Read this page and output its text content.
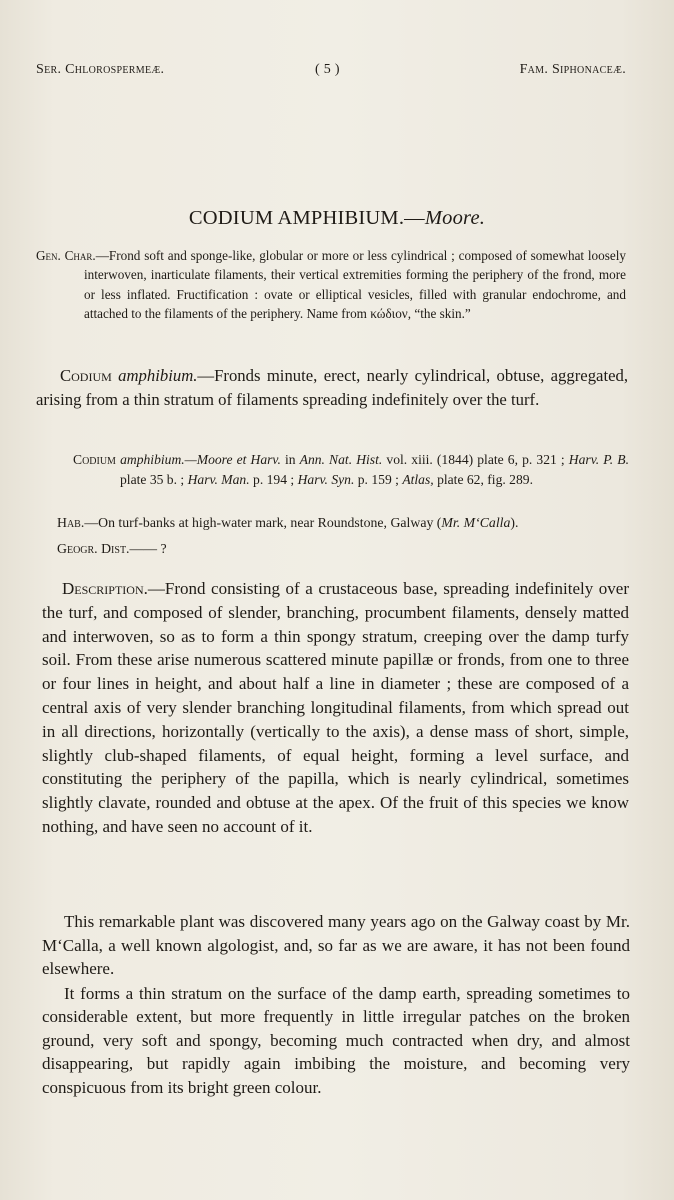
Ser. Chlorospermeæ.	( 5 )	Fam. Siphonaceæ.
CODIUM AMPHIBIUM.—Moore.

Gen. Char.—Frond soft and sponge-like, globular or more or less cylindrical ; composed of somewhat loosely interwoven, inarticulate filaments, their vertical extremities forming the periphery of the frond, more or less inflated. Fructification : ovate or elliptical vesicles, filled with granular endochrome, and attached to the filaments of the periphery. Name from κώδιον, “the skin.”

Codium amphibium.—Fronds minute, erect, nearly cylindrical, obtuse, aggregated, arising from a thin stratum of filaments spreading indefinitely over the turf.

Codium amphibium.—Moore et Harv. in Ann. Nat. Hist. vol. xiii. (1844) plate 6, p. 321 ; Harv. P. B. plate 35 b. ; Harv. Man. p. 194 ; Harv. Syn. p. 159 ; Atlas, plate 62, fig. 289.

Hab.—On turf-banks at high-water mark, near Roundstone, Galway (Mr. M‘Calla).
Geogr. Dist.—— ?

Description.—Frond consisting of a crustaceous base, spreading indefinitely over the turf, and composed of slender, branching, procumbent filaments, densely matted and interwoven, so as to form a thin spongy stratum, creeping over the damp turfy soil. From these arise numerous scattered minute papillæ or fronds, from one to three or four lines in height, and about half a line in diameter ; these are composed of a central axis of very slender branching longitudinal filaments, from which spread out in all directions, horizontally (vertically to the axis), a dense mass of short, simple, slightly club-shaped filaments, of equal height, forming a level surface, and constituting the periphery of the papilla, which is nearly cylindrical, sometimes slightly clavate, rounded and obtuse at the apex. Of the fruit of this species we know nothing, and have seen no account of it.

This remarkable plant was discovered many years ago on the Galway coast by Mr. M‘Calla, a well known algologist, and, so far as we are aware, it has not been found elsewhere.

It forms a thin stratum on the surface of the damp earth, spreading sometimes to considerable extent, but more frequently in little irregular patches on the broken ground, very soft and spongy, becoming much contracted when dry, and almost disappearing, but rapidly again imbibing the moisture, and becoming very conspicuous from its bright green colour.
